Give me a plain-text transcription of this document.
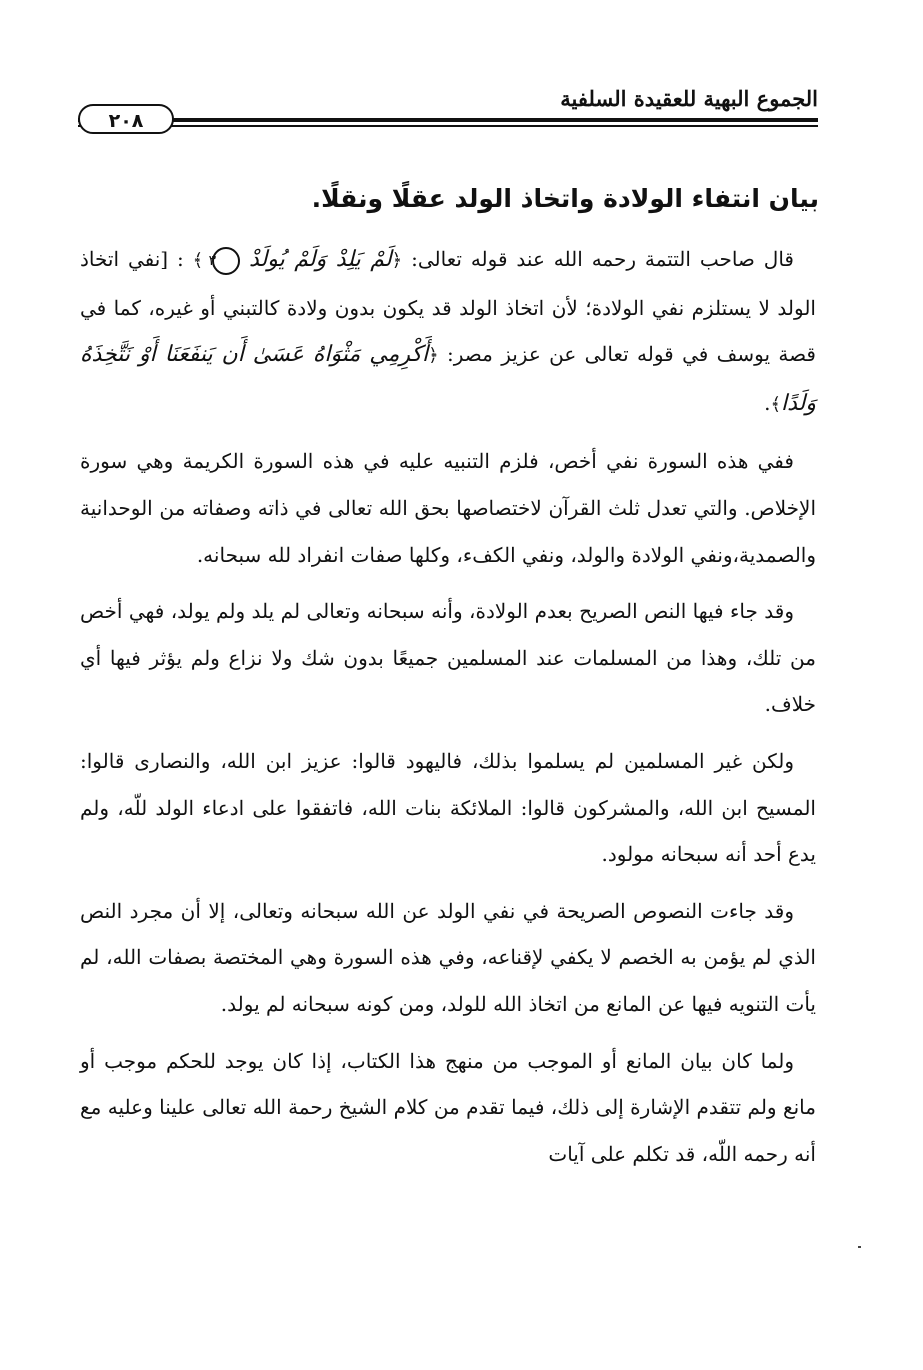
الجموع البهية للعقيدة السلفية
٢٠٨
بيان انتفاء الولادة واتخاذ الولد عقلًا ونقلًا.

قال صاحب التتمة رحمه الله عند قوله تعالى: ﴿لَمْ يَلِدْ وَلَمْ يُولَدْ ٣ ﴾ : [نفي اتخاذ الولد لا يستلزم نفي الولادة؛ لأن اتخاذ الولد قد يكون بدون ولادة كالتبني أو غيره، كما في قصة يوسف في قوله تعالى عن عزيز مصر: ﴿أَكْرِمِي مَثْوَاهُ عَسَىٰ أَن يَنفَعَنَا أَوْ نَتَّخِذَهُ وَلَدًا﴾.

ففي هذه السورة نفي أخص، فلزم التنبيه عليه في هذه السورة الكريمة وهي سورة الإخلاص. والتي تعدل ثلث القرآن لاختصاصها بحق الله تعالى في ذاته وصفاته من الوحدانية والصمدية،ونفي الولادة والولد، ونفي الكفء، وكلها صفات انفراد لله سبحانه.

وقد جاء فيها النص الصريح بعدم الولادة، وأنه سبحانه وتعالى لم يلد ولم يولد، فهي أخص من تلك، وهذا من المسلمات عند المسلمين جميعًا بدون شك ولا نزاع ولم يؤثر فيها أي خلاف.

ولكن غير المسلمين لم يسلموا بذلك، فاليهود قالوا: عزيز ابن الله، والنصارى قالوا: المسيح ابن الله، والمشركون قالوا: الملائكة بنات الله، فاتفقوا على ادعاء الولد للّه، ولم يدع أحد أنه سبحانه مولود.

وقد جاءت النصوص الصريحة في نفي الولد عن الله سبحانه وتعالى، إلا أن مجرد النص الذي لم يؤمن به الخصم لا يكفي لإقناعه، وفي هذه السورة وهي المختصة بصفات الله، لم يأت التنويه فيها عن المانع من اتخاذ الله للولد، ومن كونه سبحانه لم يولد.

ولما كان بيان المانع أو الموجب من منهج هذا الكتاب، إذا كان يوجد للحكم موجب أو مانع ولم تتقدم الإشارة إلى ذلك، فيما تقدم من كلام الشيخ رحمة الله تعالى علينا وعليه مع أنه رحمه اللّه، قد تكلم على آيات
